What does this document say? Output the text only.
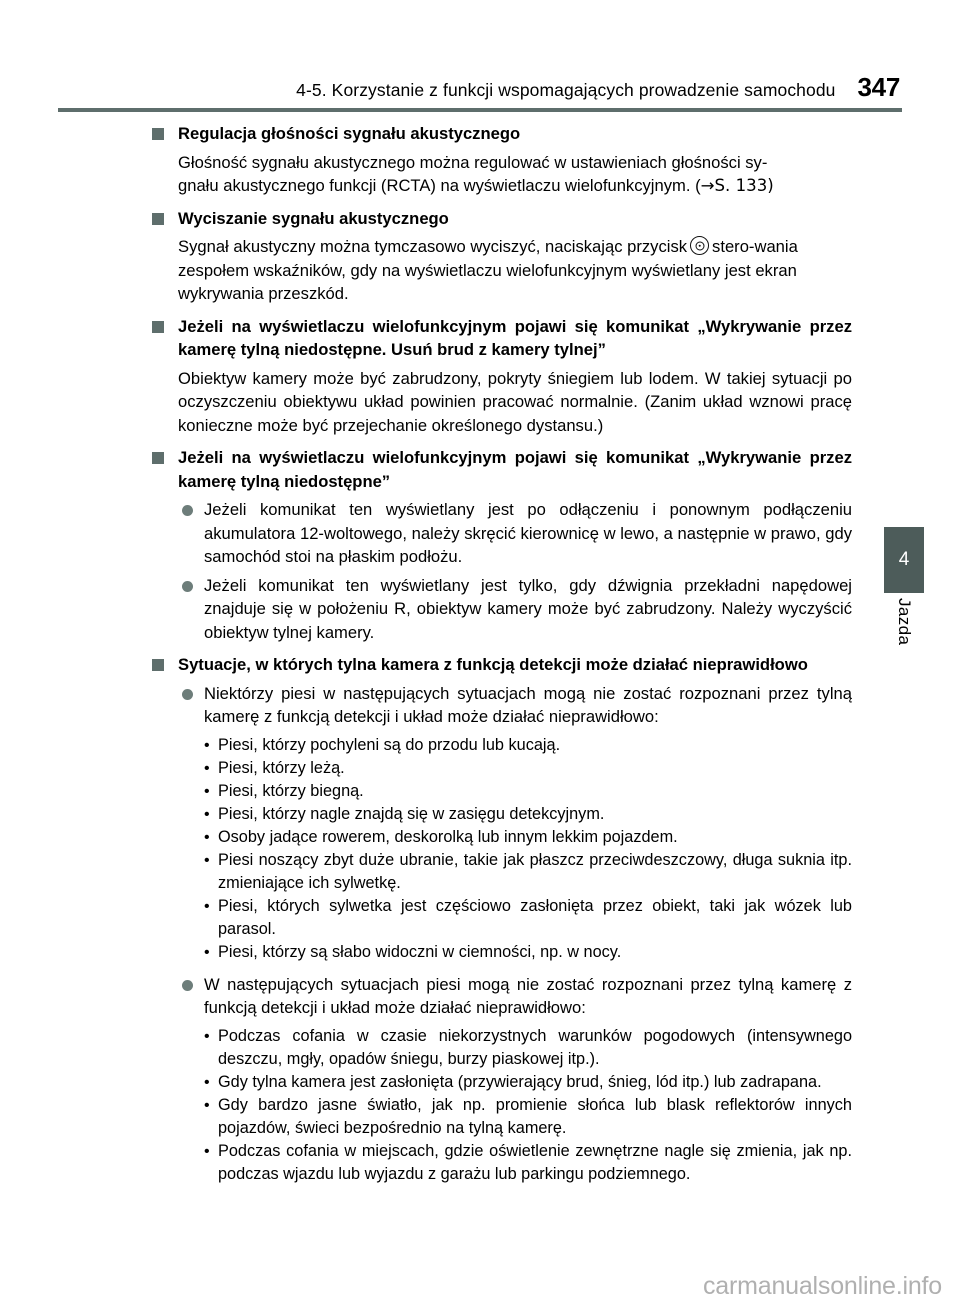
4-5. Korzystanie z funkcji wspomagających prowadzenie samochodu 347
4
Jazda
Regulacja głośności sygnału akustycznego
Głośność sygnału akustycznego można regulować w ustawieniach głośności sy-
gnału akustycznego funkcji (RCTA) na wyświetlaczu wielofunkcyjnym. (→S. 133)
Wyciszanie sygnału akustycznego
Sygnał akustyczny można tymczasowo wyciszyć, naciskając przycisk stero-wania zespołem wskaźników, gdy na wyświetlaczu wielofunkcyjnym wyświetlany jest ekran wykrywania przeszkód.
Jeżeli na wyświetlaczu wielofunkcyjnym pojawi się komunikat „Wykrywanie przez kamerę tylną niedostępne. Usuń brud z kamery tylnej”
Obiektyw kamery może być zabrudzony, pokryty śniegiem lub lodem. W takiej sytuacji po oczyszczeniu obiektywu układ powinien pracować normalnie. (Zanim układ wznowi pracę konieczne może być przejechanie określonego dystansu.)
Jeżeli na wyświetlaczu wielofunkcyjnym pojawi się komunikat „Wykrywanie przez kamerę tylną niedostępne”
Jeżeli komunikat ten wyświetlany jest po odłączeniu i ponownym podłączeniu akumulatora 12-woltowego, należy skręcić kierownicę w lewo, a następnie w prawo, gdy samochód stoi na płaskim podłożu.
Jeżeli komunikat ten wyświetlany jest tylko, gdy dźwignia przekładni napędowej znajduje się w położeniu R, obiektyw kamery może być zabrudzony. Należy wyczyścić obiektyw tylnej kamery.
Sytuacje, w których tylna kamera z funkcją detekcji może działać nieprawidłowo
Niektórzy piesi w następujących sytuacjach mogą nie zostać rozpoznani przez tylną kamerę z funkcją detekcji i układ może działać nieprawidłowo:
• Piesi, którzy pochyleni są do przodu lub kucają.
• Piesi, którzy leżą.
• Piesi, którzy biegną.
• Piesi, którzy nagle znajdą się w zasięgu detekcyjnym.
• Osoby jadące rowerem, deskorolką lub innym lekkim pojazdem.
• Piesi noszący zbyt duże ubranie, takie jak płaszcz przeciwdeszczowy, długa suknia itp. zmieniające ich sylwetkę.
• Piesi, których sylwetka jest częściowo zasłonięta przez obiekt, taki jak wózek lub parasol.
• Piesi, którzy są słabo widoczni w ciemności, np. w nocy.
W następujących sytuacjach piesi mogą nie zostać rozpoznani przez tylną kamerę z funkcją detekcji i układ może działać nieprawidłowo:
• Podczas cofania w czasie niekorzystnych warunków pogodowych (intensywnego deszczu, mgły, opadów śniegu, burzy piaskowej itp.).
• Gdy tylna kamera jest zasłonięta (przywierający brud, śnieg, lód itp.) lub zadrapana.
• Gdy bardzo jasne światło, jak np. promienie słońca lub blask reflektorów innych pojazdów, świeci bezpośrednio na tylną kamerę.
• Podczas cofania w miejscach, gdzie oświetlenie zewnętrzne nagle się zmienia, jak np. podczas wjazdu lub wyjazdu z garażu lub parkingu podziemnego.
carmanualsonline.info
